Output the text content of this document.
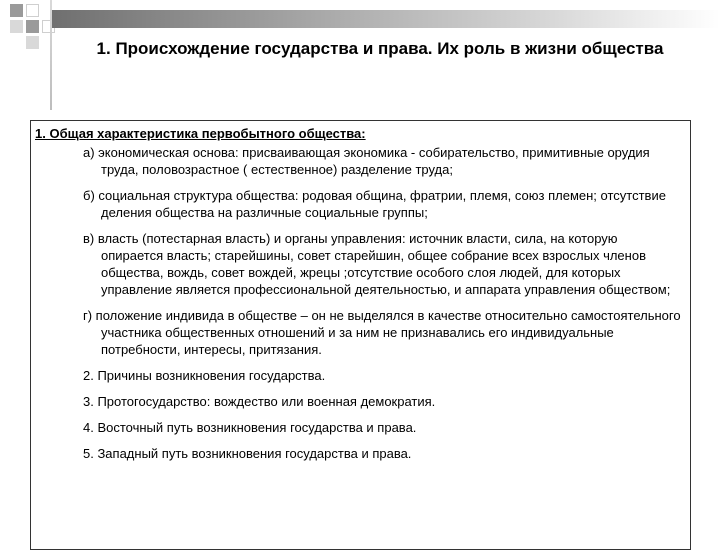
1. Происхождение государства и права. Их роль в жизни общества
1. Общая характеристика первобытного общества:

а) экономическая основа: присваивающая экономика - собирательство, примитивные орудия труда, половозрастное ( естественное) разделение труда;

б) социальная структура общества: родовая община, фратрии, племя, союз племен; отсутствие деления общества на различные социальные группы;

в) власть (потестарная власть) и органы управления: источник власти, сила, на которую опирается власть; старейшины, совет старейшин, общее собрание всех взрослых членов общества, вождь, совет вождей, жрецы ;отсутствие особого слоя людей, для которых управление является профессиональной деятельностью, и аппарата управления обществом;

г) положение индивида в обществе – он не выделялся в качестве относительно самостоятельного участника общественных отношений и за ним не признавались его индивидуальные потребности, интересы, притязания.

2. Причины возникновения государства.

3. Протогосударство: вождество или военная демократия.

4. Восточный путь возникновения государства и права.

5. Западный путь возникновения государства и права.
